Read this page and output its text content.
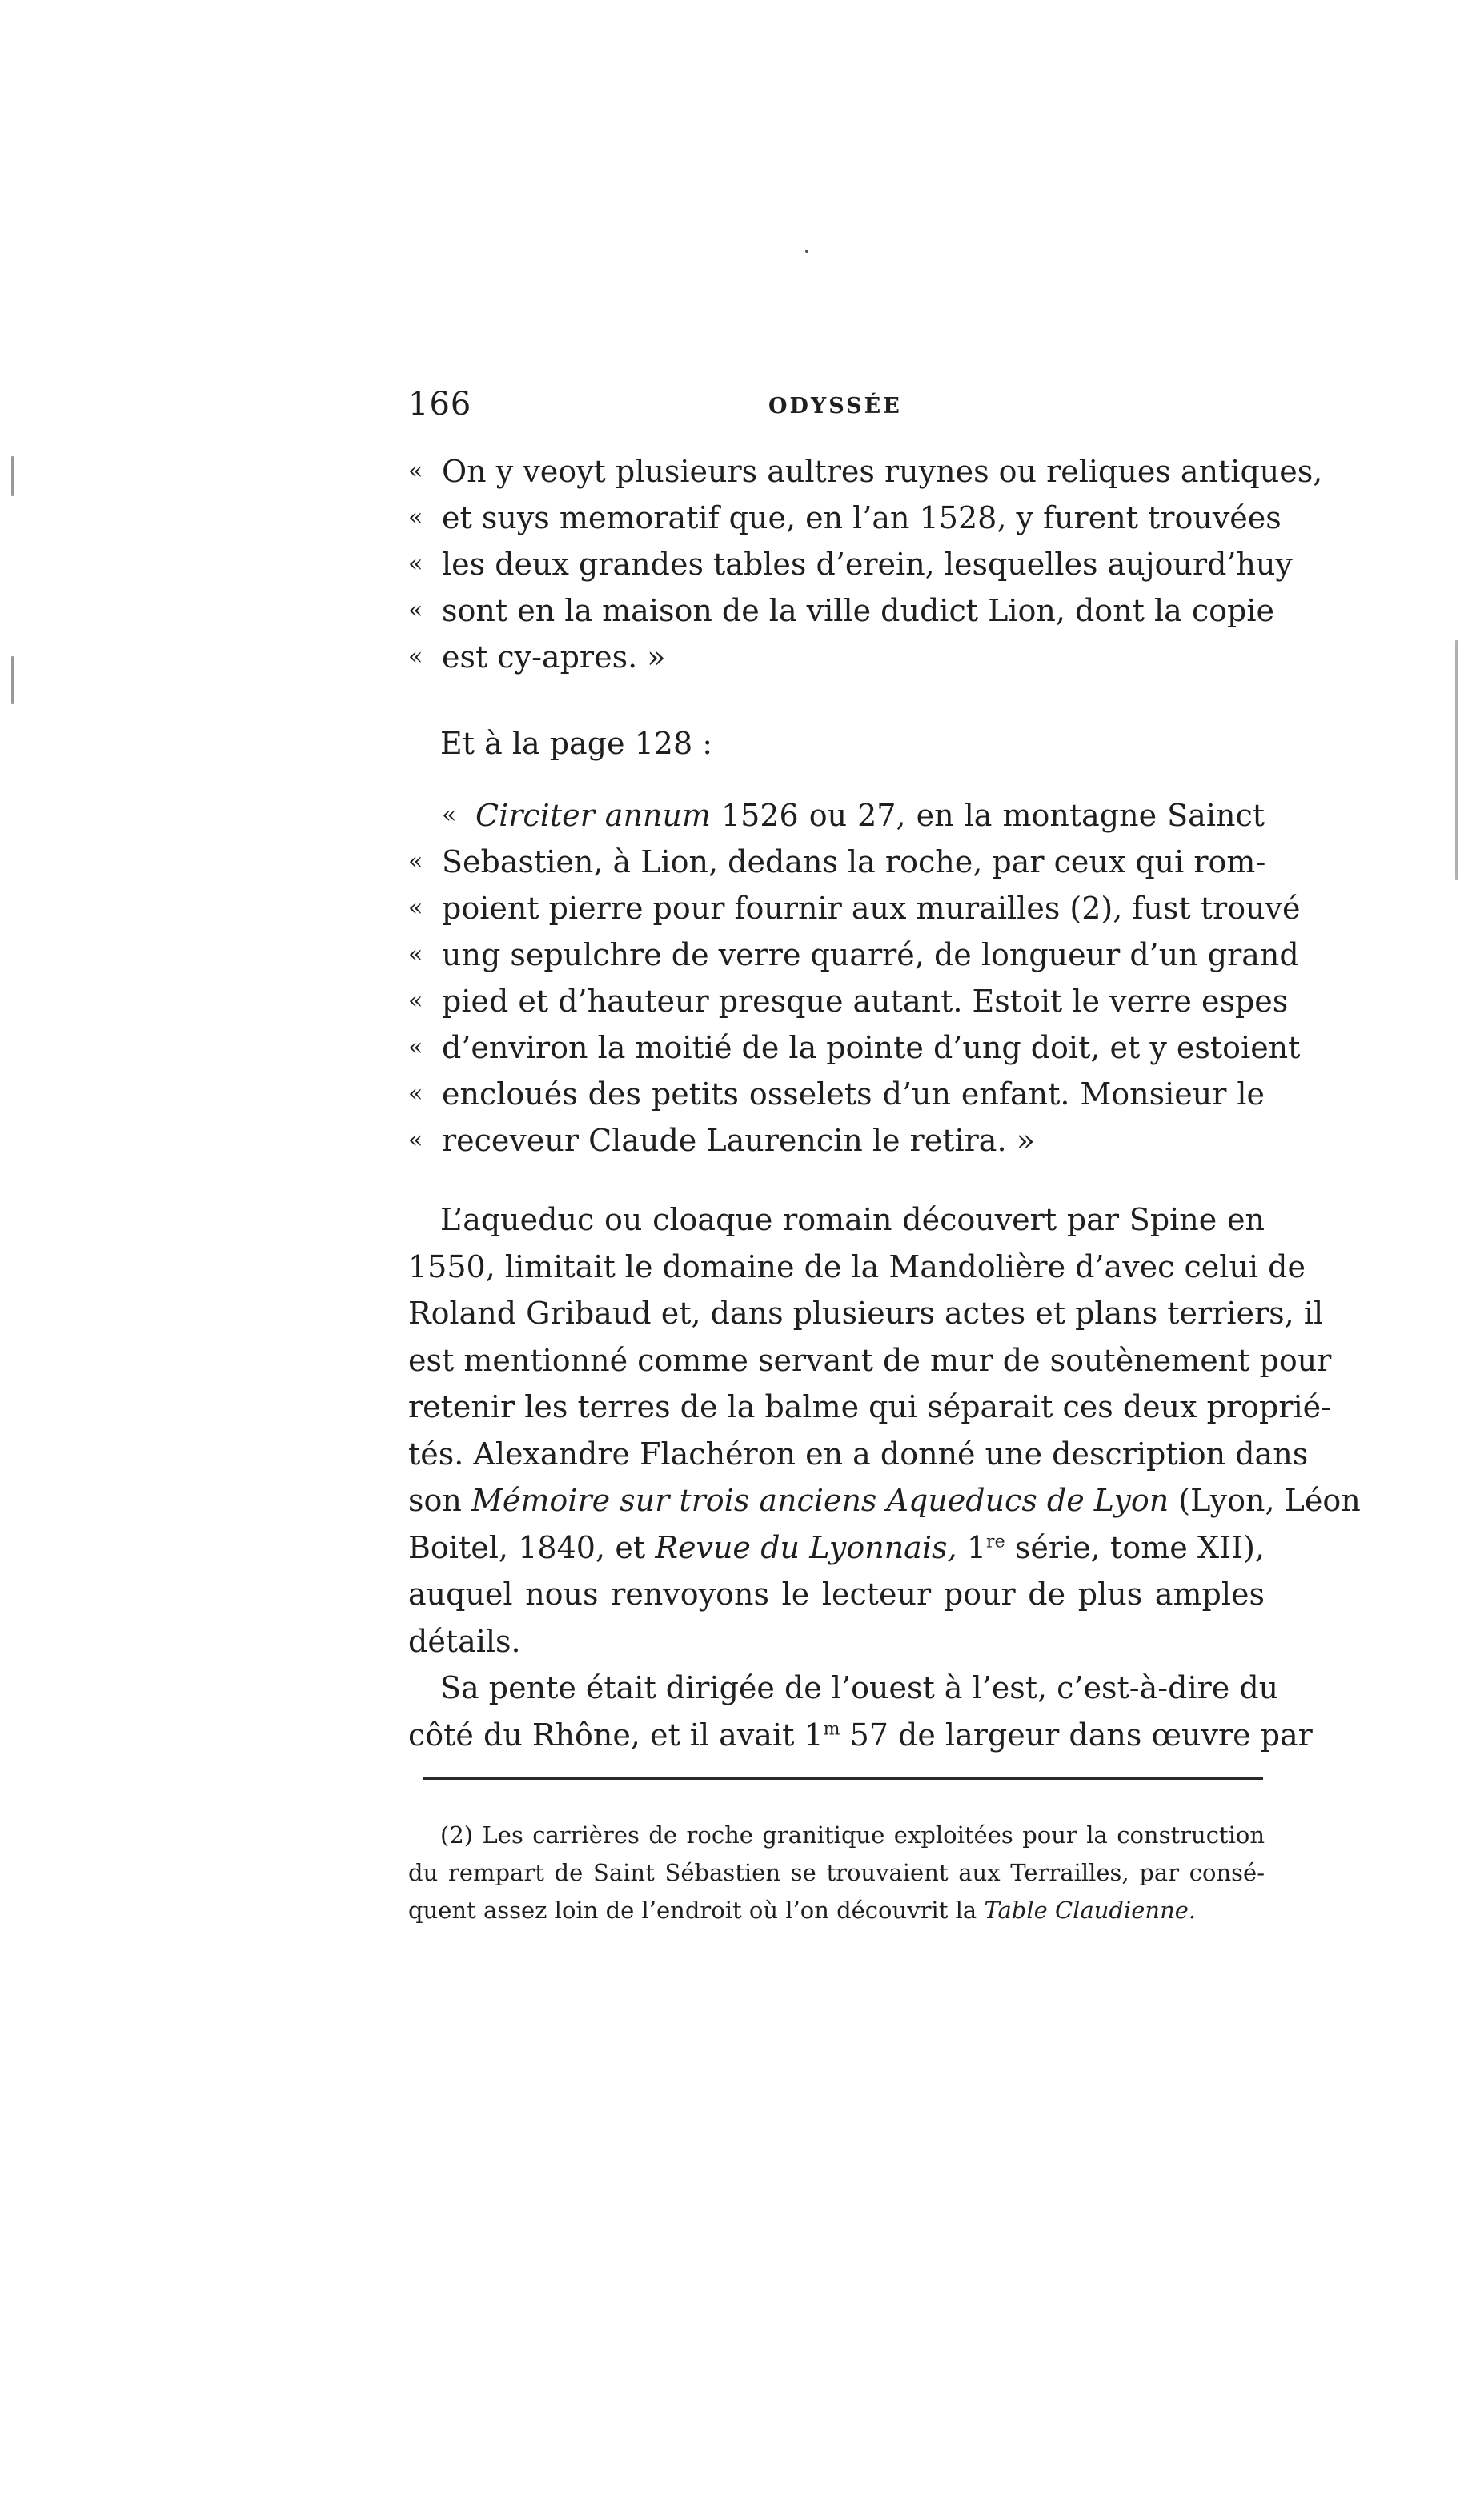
166	ODYSSÉE
« On y veoyt plusieurs aultres ruynes ou reliques antiques,
« et suys memoratif que, en l’an 1528, y furent trouvées
« les deux grandes tables d’erein, lesquelles aujourd’huy
« sont en la maison de la ville dudict Lion, dont la copie
« est cy-apres. »
Et à la page 128 :
« Circiter annum 1526 ou 27, en la montagne Sainct
« Sebastien, à Lion, dedans la roche, par ceux qui rom-
« poient pierre pour fournir aux murailles (2), fust trouvé
« ung sepulchre de verre quarré, de longueur d’un grand
« pied et d’hauteur presque autant. Estoit le verre espes
« d’environ la moitié de la pointe d’ung doit, et y estoient
« encloués des petits osselets d’un enfant. Monsieur le
« receveur Claude Laurencin le retira. »
L’aqueduc ou cloaque romain découvert par Spine en
1550, limitait le domaine de la Mandolière d’avec celui de
Roland Gribaud et, dans plusieurs actes et plans terriers, il
est mentionné comme servant de mur de soutènement pour
retenir les terres de la balme qui séparait ces deux proprié-
tés. Alexandre Flachéron en a donné une description dans
son Mémoire sur trois anciens Aqueducs de Lyon (Lyon, Léon
Boitel, 1840, et Revue du Lyonnais, 1re série, tome XII),
auquel nous renvoyons le lecteur pour de plus amples
détails.
Sa pente était dirigée de l’ouest à l’est, c’est-à-dire du
côté du Rhône, et il avait 1$^m$ 57 de largeur dans œuvre par
(2) Les carrières de roche granitique exploitées pour la construction
du rempart de Saint Sébastien se trouvaient aux Terrailles, par consé-
quent assez loin de l’endroit où l’on découvrit la Table Claudienne.
